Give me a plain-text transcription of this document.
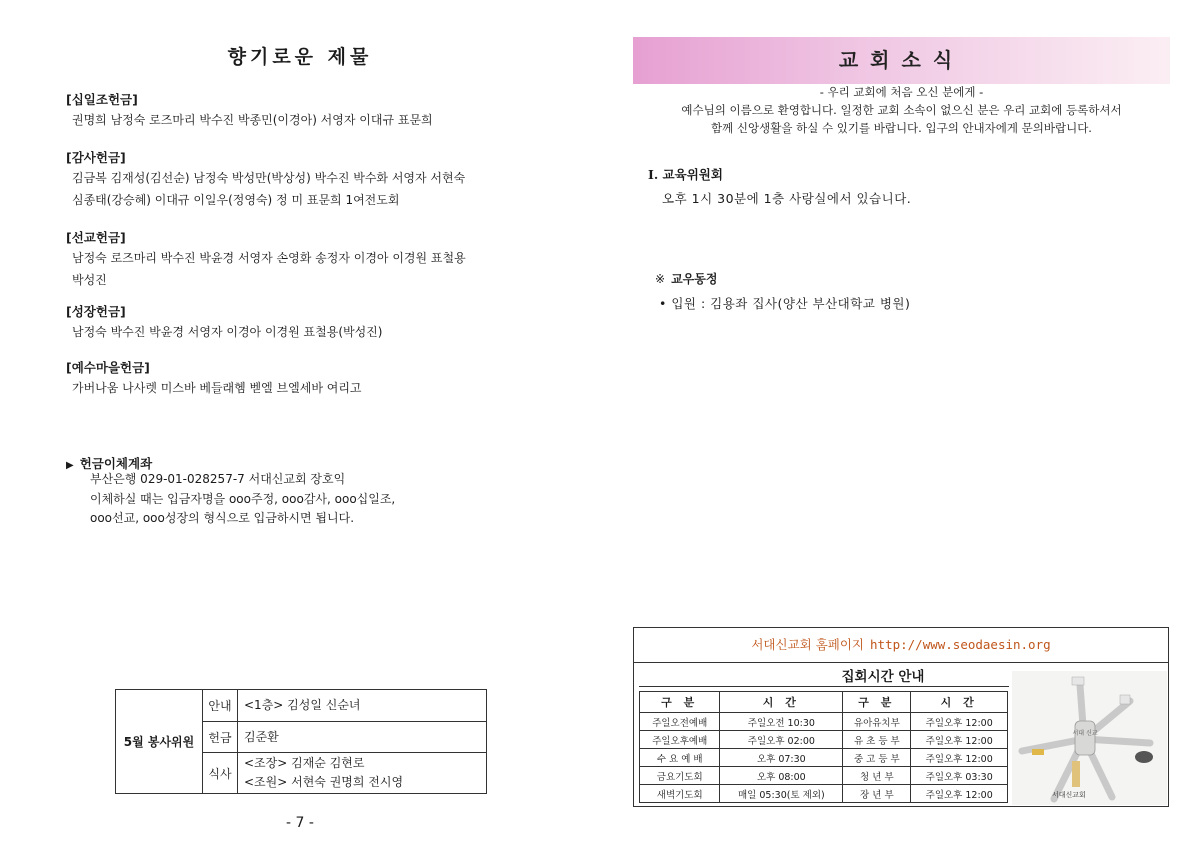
향기로운 제물
[십일조헌금]
권명희 남정숙 로즈마리 박수진 박종민(이경아) 서영자 이대규 표문희
[감사헌금]
김금복 김재성(김선순) 남정숙 박성만(박상성) 박수진 박수화 서영자 서현숙
심종태(강승혜) 이대규 이일우(정영숙) 정 미 표문희 1여전도회
[선교헌금]
남정숙 로즈마리 박수진 박윤경 서영자 손영화 송정자 이경아 이경원 표철용
박성진
[성장헌금]
남정숙 박수진 박윤경 서영자 이경아 이경원 표철용(박성진)
[예수마을헌금]
가버나움 나사렛 미스바 베들래헴 벧엘 브엘세바 여리고
▶ 헌금이체계좌
부산은행 029-01-028257-7 서대신교회 장호익
이체하실 때는 입금자명을 ooo주정, ooo감사, ooo십일조,
ooo선교, ooo성장의 형식으로 입금하시면 됩니다.
5월 봉사위원	안내	<1층> 김성일 신순녀
	헌금	김준환
	식사	<조장> 김재순 김현로
<조원> 서현숙 권명희 전시영
- 7 -
교회소식
- 우리 교회에 처음 오신 분에게 -
예수님의 이름으로 환영합니다. 일정한 교회 소속이 없으신 분은 우리 교회에 등록하셔서
함께 신앙생활을 하실 수 있기를 바랍니다. 입구의 안내자에게 문의바랍니다.
Ⅰ. 교육위원회
오후 1시 30분에 1층 사랑실에서 있습니다.
※ 교우동정
• 입원 : 김용좌 집사(양산 부산대학교 병원)
서대신교회 홈페이지 http://www.seodaesin.org
집회시간 안내
구 분	시 간	구 분	시 간
주일오전예배	주일오전 10:30	유아유치부	주일오후 12:00
주일오후예배	주일오후 02:00	유 초 등 부	주일오후 12:00
수 요 예 배	오후 07:30	중 고 등 부	주일오후 12:00
금요기도회	오후 08:00	청 년 부	주일오후 03:30
새벽기도회	매일 05:30(토 제외)	장 년 부	주일오후 12:00
서대 신교
서대신교회
